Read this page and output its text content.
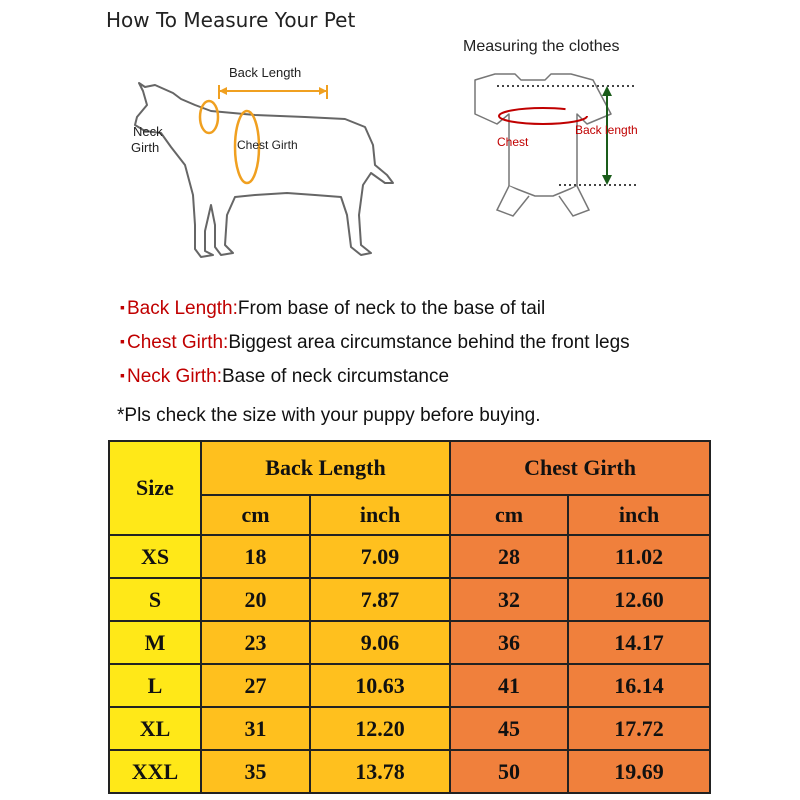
How To Measure Your Pet
Back Length
Neck
Girth	Chest Girth
Measuring the clothes
Chest
Back length
▪ Back Length:From base of neck to the base of tail
▪ Chest Girth:Biggest area circumstance behind the front legs
▪ Neck Girth:Base of neck circumstance
*Pls check the size with your puppy before buying.
Size	Back Length		Chest Girth	
	cm	inch	cm	inch
XS	18	7.09	28	11.02
S	20	7.87	32	12.60
M	23	9.06	36	14.17
L	27	10.63	41	16.14
XL	31	12.20	45	17.72
XXL	35	13.78	50	19.69
